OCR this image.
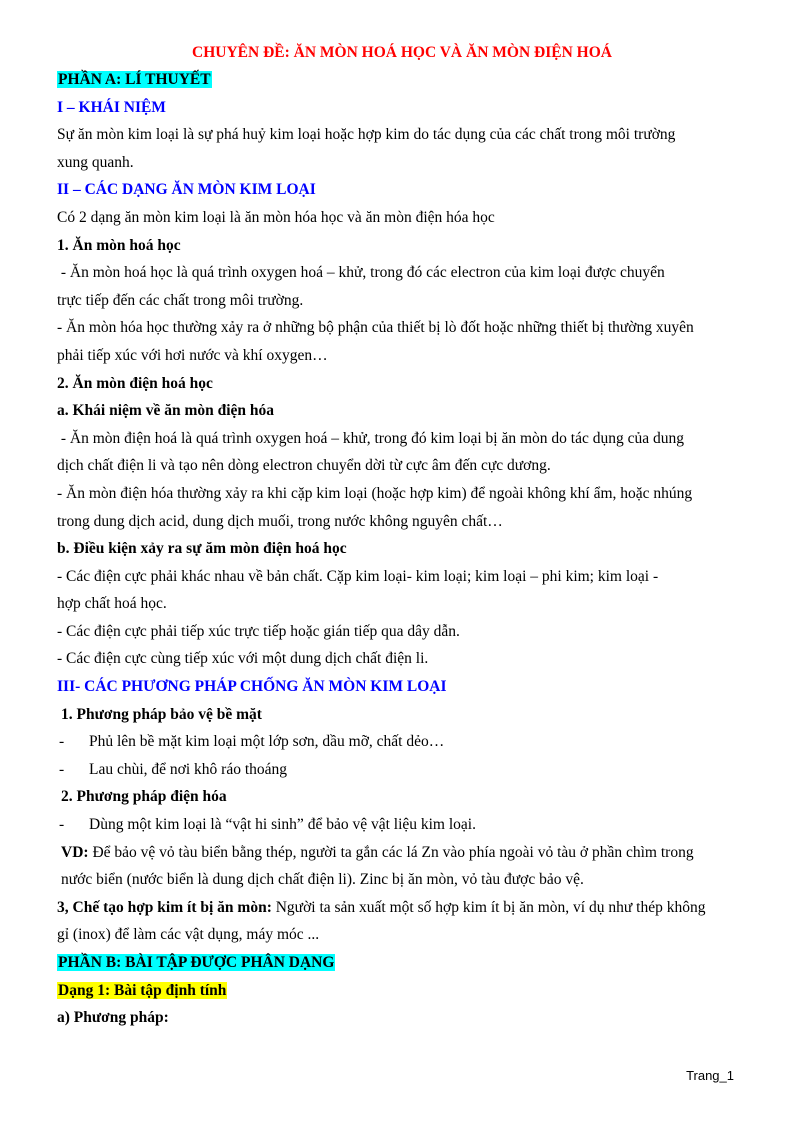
CHUYÊN ĐỀ: ĂN MÒN HOÁ HỌC VÀ ĂN MÒN ĐIỆN HOÁ
PHẦN A: LÍ THUYẾT
I – KHÁI NIỆM
Sự ăn mòn kim loại là sự phá huỷ kim loại hoặc hợp kim do tác dụng của các chất trong môi trường
xung quanh.
II – CÁC DẠNG ĂN MÒN KIM LOẠI
Có 2 dạng ăn mòn kim loại là ăn mòn hóa học và ăn mòn điện hóa học
1. Ăn mòn hoá học
- Ăn mòn hoá học là quá trình oxygen hoá – khử, trong đó các electron của kim loại được chuyển
trực tiếp đến các chất trong môi trường.
- Ăn mòn hóa học thường xảy ra ở những bộ phận của thiết bị lò đốt hoặc những thiết bị thường xuyên
phải tiếp xúc với hơi nước và khí oxygen…
2. Ăn mòn điện hoá học
a. Khái niệm về ăn mòn điện hóa
- Ăn mòn điện hoá là quá trình oxygen hoá – khử, trong đó kim loại bị ăn mòn do tác dụng của dung
dịch chất điện li và tạo nên dòng electron chuyển dời từ cực âm đến cực dương.
- Ăn mòn điện hóa thường xảy ra khi cặp kim loại (hoặc hợp kim) để ngoài không khí ẩm, hoặc nhúng
trong dung dịch acid, dung dịch muối, trong nước không nguyên chất…
b. Điều kiện xảy ra sự ăm mòn điện hoá học
- Các điện cực phải khác nhau về bản chất. Cặp kim loại- kim loại; kim loại – phi kim; kim loại -
hợp chất hoá học.
- Các điện cực phải tiếp xúc trực tiếp hoặc gián tiếp qua dây dẫn.
- Các điện cực cùng tiếp xúc với một dung dịch chất điện li.
III- CÁC PHƯƠNG PHÁP CHỐNG ĂN MÒN KIM LOẠI
1. Phương pháp bảo vệ bề mặt
-	Phủ lên bề mặt kim loại một lớp sơn, dầu mỡ, chất dẻo…
-	Lau chùi, để nơi khô ráo thoáng
2. Phương pháp điện hóa
-	Dùng một kim loại là “vật hi sinh” để bảo vệ vật liệu kim loại.
VD: Để bảo vệ vỏ tàu biển bằng thép, người ta gắn các lá Zn vào phía ngoài vỏ tàu ở phần chìm trong
nước biển (nước biển là dung dịch chất điện li). Zinc bị ăn mòn, vỏ tàu được bảo vệ.
3, Chế tạo hợp kim ít bị ăn mòn: Người ta sản xuất một số hợp kim ít bị ăn mòn, ví dụ như thép không
gỉ (inox) để làm các vật dụng, máy móc ...
PHẦN B: BÀI TẬP ĐƯỢC PHÂN DẠNG
Dạng 1: Bài tập định tính
a) Phương pháp:
Trang_1
